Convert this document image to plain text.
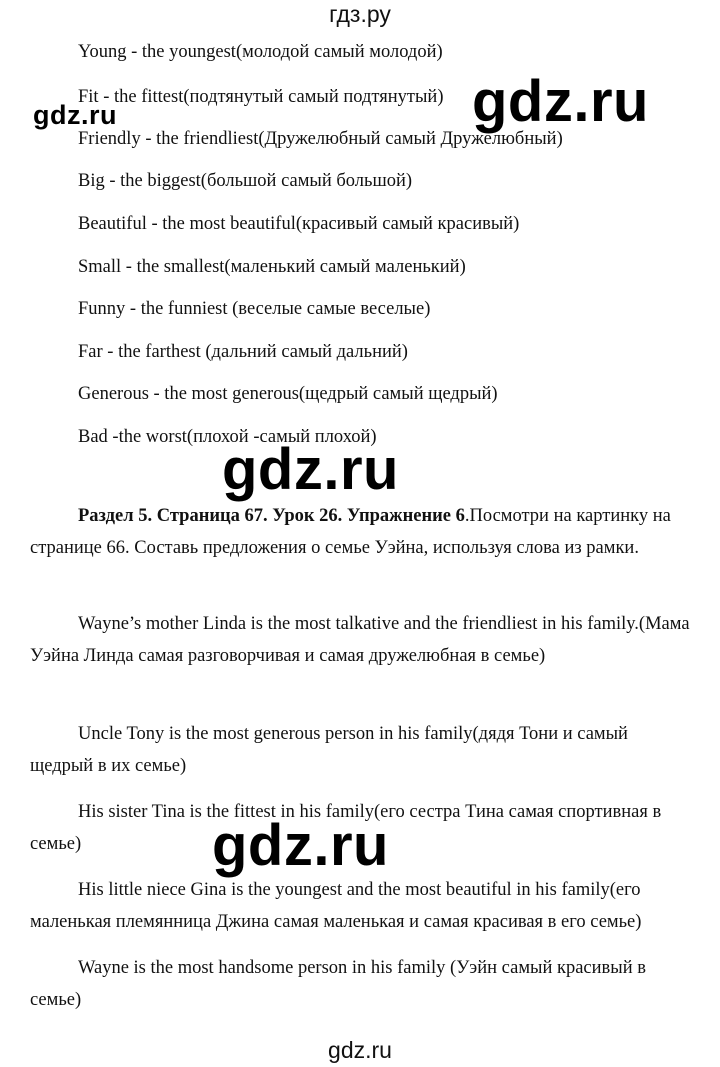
гдз.ру
Young - the youngest(молодой самый молодой)
Fit - the fittest(подтянутый самый подтянутый)
Friendly - the friendliest(Дружелюбный самый Дружелюбный)
Big - the biggest(большой самый большой)
Beautiful - the most beautiful(красивый самый красивый)
Small - the smallest(маленький самый маленький)
Funny - the funniest (веселые самые веселые)
Far - the farthest (дальний самый дальний)
Generous - the most generous(щедрый самый щедрый)
Bad -the worst(плохой -самый плохой)
Раздел 5. Страница 67. Урок 26. Упражнение 6.Посмотри на картинку на странице 66. Составь предложения о семье Уэйна, используя слова из рамки.
Wayne’s mother Linda is the most talkative and the friendliest in his family.(Мама Уэйна Линда самая разговорчивая и самая дружелюбная в семье)
Uncle Tony is the most generous person in his family(дядя Тони и самый щедрый в их семье)
His sister Tina is the fittest in his family(его сестра Тина самая спортивная в семье)
His little niece Gina is the youngest and the most beautiful in his family(его маленькая племянница Джина самая маленькая и самая красивая в его семье)
Wayne is the most handsome person in his family (Уэйн самый красивый в семье)
gdz.ru
gdz.ru
gdz.ru
gdz.ru
gdz.ru
